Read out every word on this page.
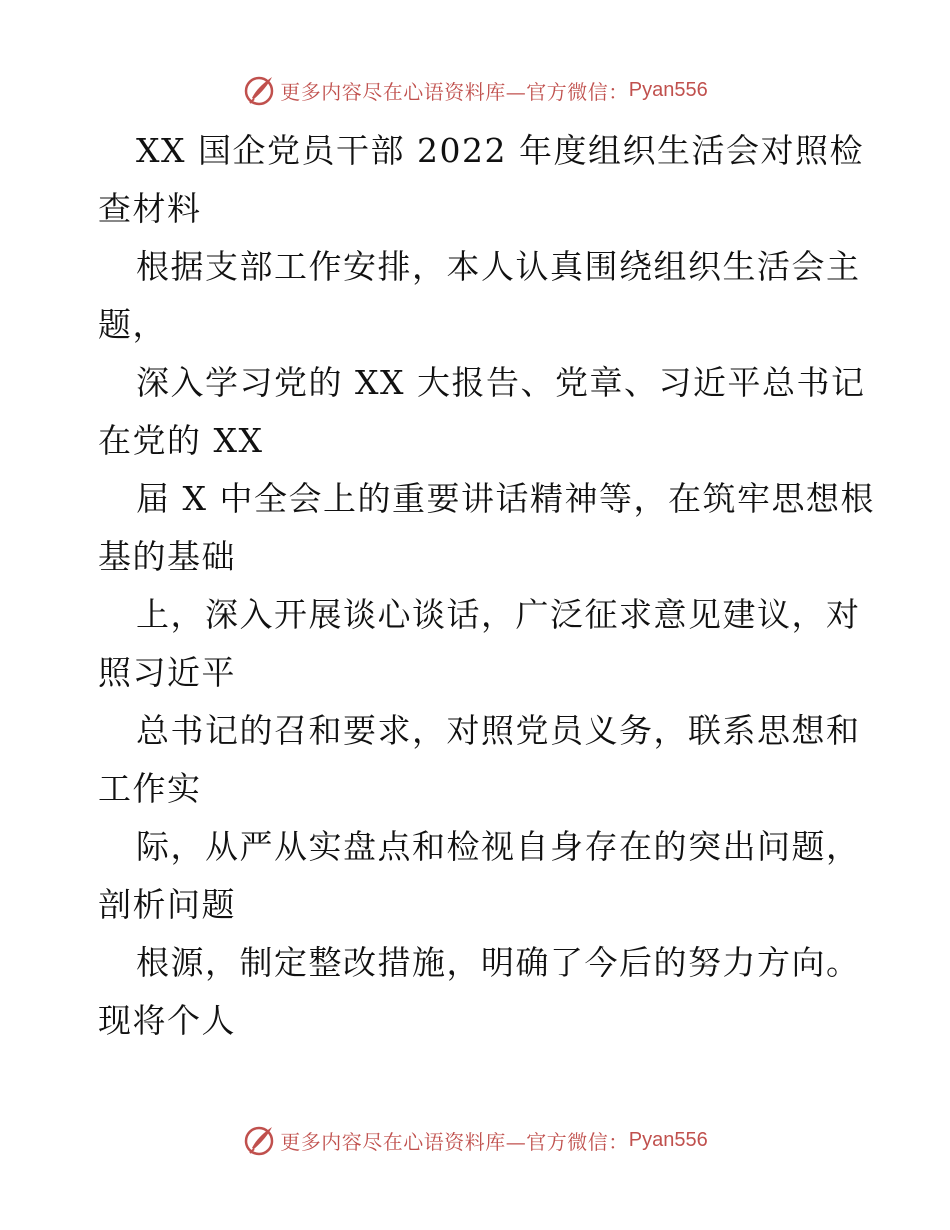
更多内容尽在心语资料库—官方微信： Pyan556
XX 国企党员干部 2022 年度组织生活会对照检
查材料
根据支部工作安排，本人认真围绕组织生活会主
题，
深入学习党的 XX 大报告、党章、习近平总书记
在党的 XX
届 X 中全会上的重要讲话精神等，在筑牢思想根
基的基础
上，深入开展谈心谈话，广泛征求意见建议，对
照习近平
总书记的召和要求，对照党员义务，联系思想和
工作实
际，从严从实盘点和检视自身存在的突出问题，
剖析问题
根源，制定整改措施，明确了今后的努力方向。
现将个人
更多内容尽在心语资料库—官方微信： Pyan556
